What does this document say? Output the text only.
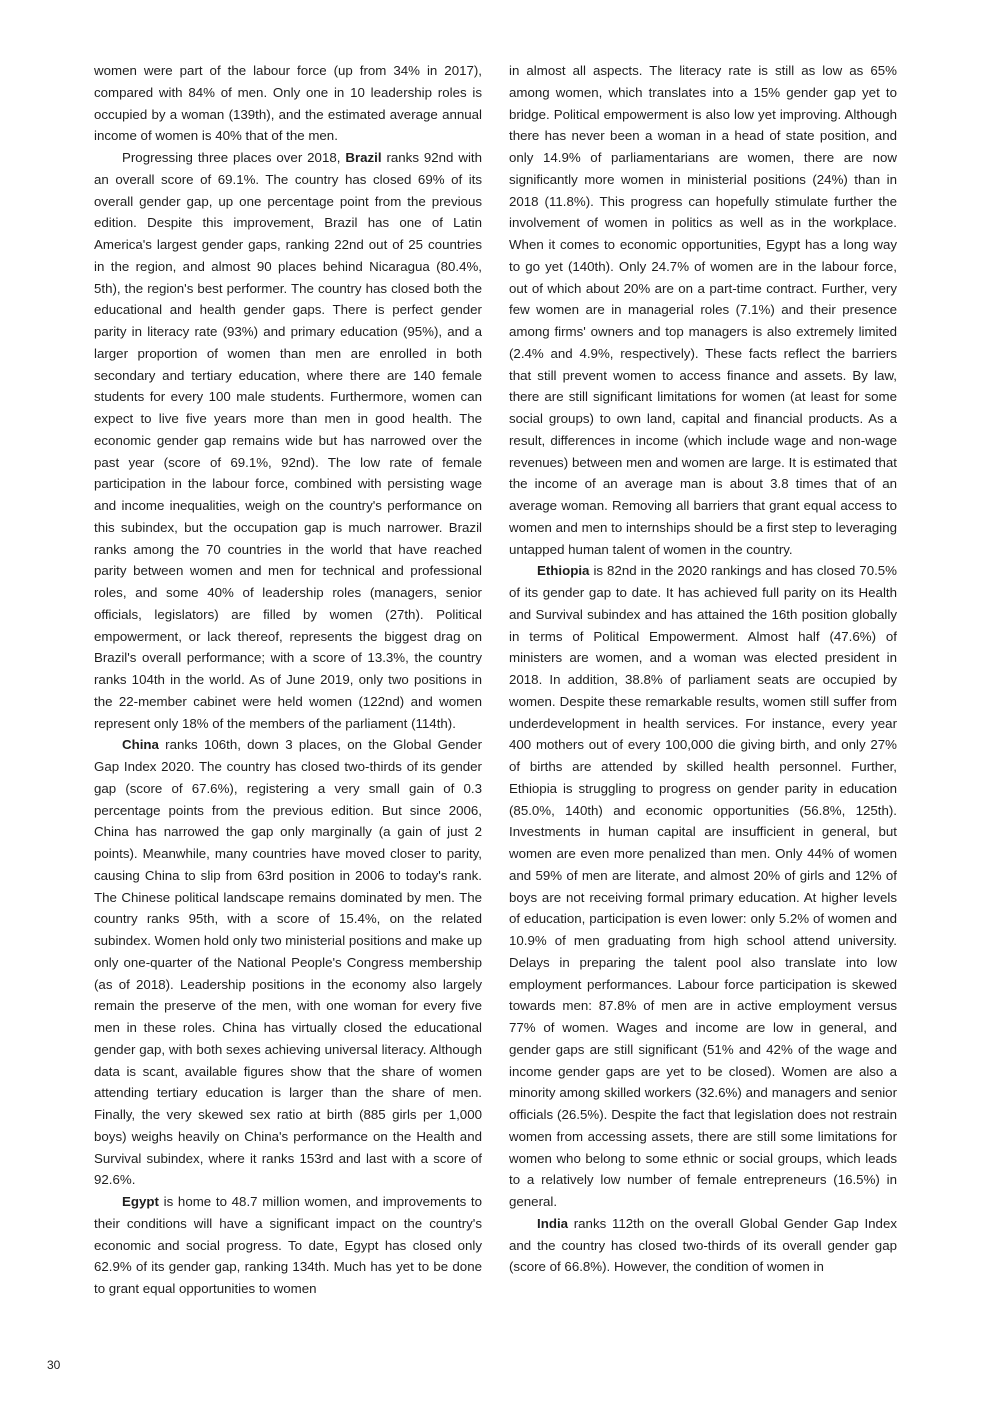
women were part of the labour force (up from 34% in 2017), compared with 84% of men. Only one in 10 leadership roles is occupied by a woman (139th), and the estimated average annual income of women is 40% that of the men.

Progressing three places over 2018, Brazil ranks 92nd with an overall score of 69.1%. The country has closed 69% of its overall gender gap, up one percentage point from the previous edition. Despite this improvement, Brazil has one of Latin America's largest gender gaps, ranking 22nd out of 25 countries in the region, and almost 90 places behind Nicaragua (80.4%, 5th), the region's best performer. The country has closed both the educational and health gender gaps. There is perfect gender parity in literacy rate (93%) and primary education (95%), and a larger proportion of women than men are enrolled in both secondary and tertiary education, where there are 140 female students for every 100 male students. Furthermore, women can expect to live five years more than men in good health. The economic gender gap remains wide but has narrowed over the past year (score of 69.1%, 92nd). The low rate of female participation in the labour force, combined with persisting wage and income inequalities, weigh on the country's performance on this subindex, but the occupation gap is much narrower. Brazil ranks among the 70 countries in the world that have reached parity between women and men for technical and professional roles, and some 40% of leadership roles (managers, senior officials, legislators) are filled by women (27th). Political empowerment, or lack thereof, represents the biggest drag on Brazil's overall performance; with a score of 13.3%, the country ranks 104th in the world. As of June 2019, only two positions in the 22-member cabinet were held women (122nd) and women represent only 18% of the members of the parliament (114th).

China ranks 106th, down 3 places, on the Global Gender Gap Index 2020. The country has closed two-thirds of its gender gap (score of 67.6%), registering a very small gain of 0.3 percentage points from the previous edition. But since 2006, China has narrowed the gap only marginally (a gain of just 2 points). Meanwhile, many countries have moved closer to parity, causing China to slip from 63rd position in 2006 to today's rank. The Chinese political landscape remains dominated by men. The country ranks 95th, with a score of 15.4%, on the related subindex. Women hold only two ministerial positions and make up only one-quarter of the National People's Congress membership (as of 2018). Leadership positions in the economy also largely remain the preserve of the men, with one woman for every five men in these roles. China has virtually closed the educational gender gap, with both sexes achieving universal literacy. Although data is scant, available figures show that the share of women attending tertiary education is larger than the share of men. Finally, the very skewed sex ratio at birth (885 girls per 1,000 boys) weighs heavily on China's performance on the Health and Survival subindex, where it ranks 153rd and last with a score of 92.6%.

Egypt is home to 48.7 million women, and improvements to their conditions will have a significant impact on the country's economic and social progress. To date, Egypt has closed only 62.9% of its gender gap, ranking 134th. Much has yet to be done to grant equal opportunities to women

in almost all aspects. The literacy rate is still as low as 65% among women, which translates into a 15% gender gap yet to bridge. Political empowerment is also low yet improving. Although there has never been a woman in a head of state position, and only 14.9% of parliamentarians are women, there are now significantly more women in ministerial positions (24%) than in 2018 (11.8%). This progress can hopefully stimulate further the involvement of women in politics as well as in the workplace. When it comes to economic opportunities, Egypt has a long way to go yet (140th). Only 24.7% of women are in the labour force, out of which about 20% are on a part-time contract. Further, very few women are in managerial roles (7.1%) and their presence among firms' owners and top managers is also extremely limited (2.4% and 4.9%, respectively). These facts reflect the barriers that still prevent women to access finance and assets. By law, there are still significant limitations for women (at least for some social groups) to own land, capital and financial products. As a result, differences in income (which include wage and non-wage revenues) between men and women are large. It is estimated that the income of an average man is about 3.8 times that of an average woman. Removing all barriers that grant equal access to women and men to internships should be a first step to leveraging untapped human talent of women in the country.

Ethiopia is 82nd in the 2020 rankings and has closed 70.5% of its gender gap to date. It has achieved full parity on its Health and Survival subindex and has attained the 16th position globally in terms of Political Empowerment. Almost half (47.6%) of ministers are women, and a woman was elected president in 2018. In addition, 38.8% of parliament seats are occupied by women. Despite these remarkable results, women still suffer from underdevelopment in health services. For instance, every year 400 mothers out of every 100,000 die giving birth, and only 27% of births are attended by skilled health personnel. Further, Ethiopia is struggling to progress on gender parity in education (85.0%, 140th) and economic opportunities (56.8%, 125th). Investments in human capital are insufficient in general, but women are even more penalized than men. Only 44% of women and 59% of men are literate, and almost 20% of girls and 12% of boys are not receiving formal primary education. At higher levels of education, participation is even lower: only 5.2% of women and 10.9% of men graduating from high school attend university. Delays in preparing the talent pool also translate into low employment performances. Labour force participation is skewed towards men: 87.8% of men are in active employment versus 77% of women. Wages and income are low in general, and gender gaps are still significant (51% and 42% of the wage and income gender gaps are yet to be closed). Women are also a minority among skilled workers (32.6%) and managers and senior officials (26.5%). Despite the fact that legislation does not restrain women from accessing assets, there are still some limitations for women who belong to some ethnic or social groups, which leads to a relatively low number of female entrepreneurs (16.5%) in general.

India ranks 112th on the overall Global Gender Gap Index and the country has closed two-thirds of its overall gender gap (score of 66.8%). However, the condition of women in

30
